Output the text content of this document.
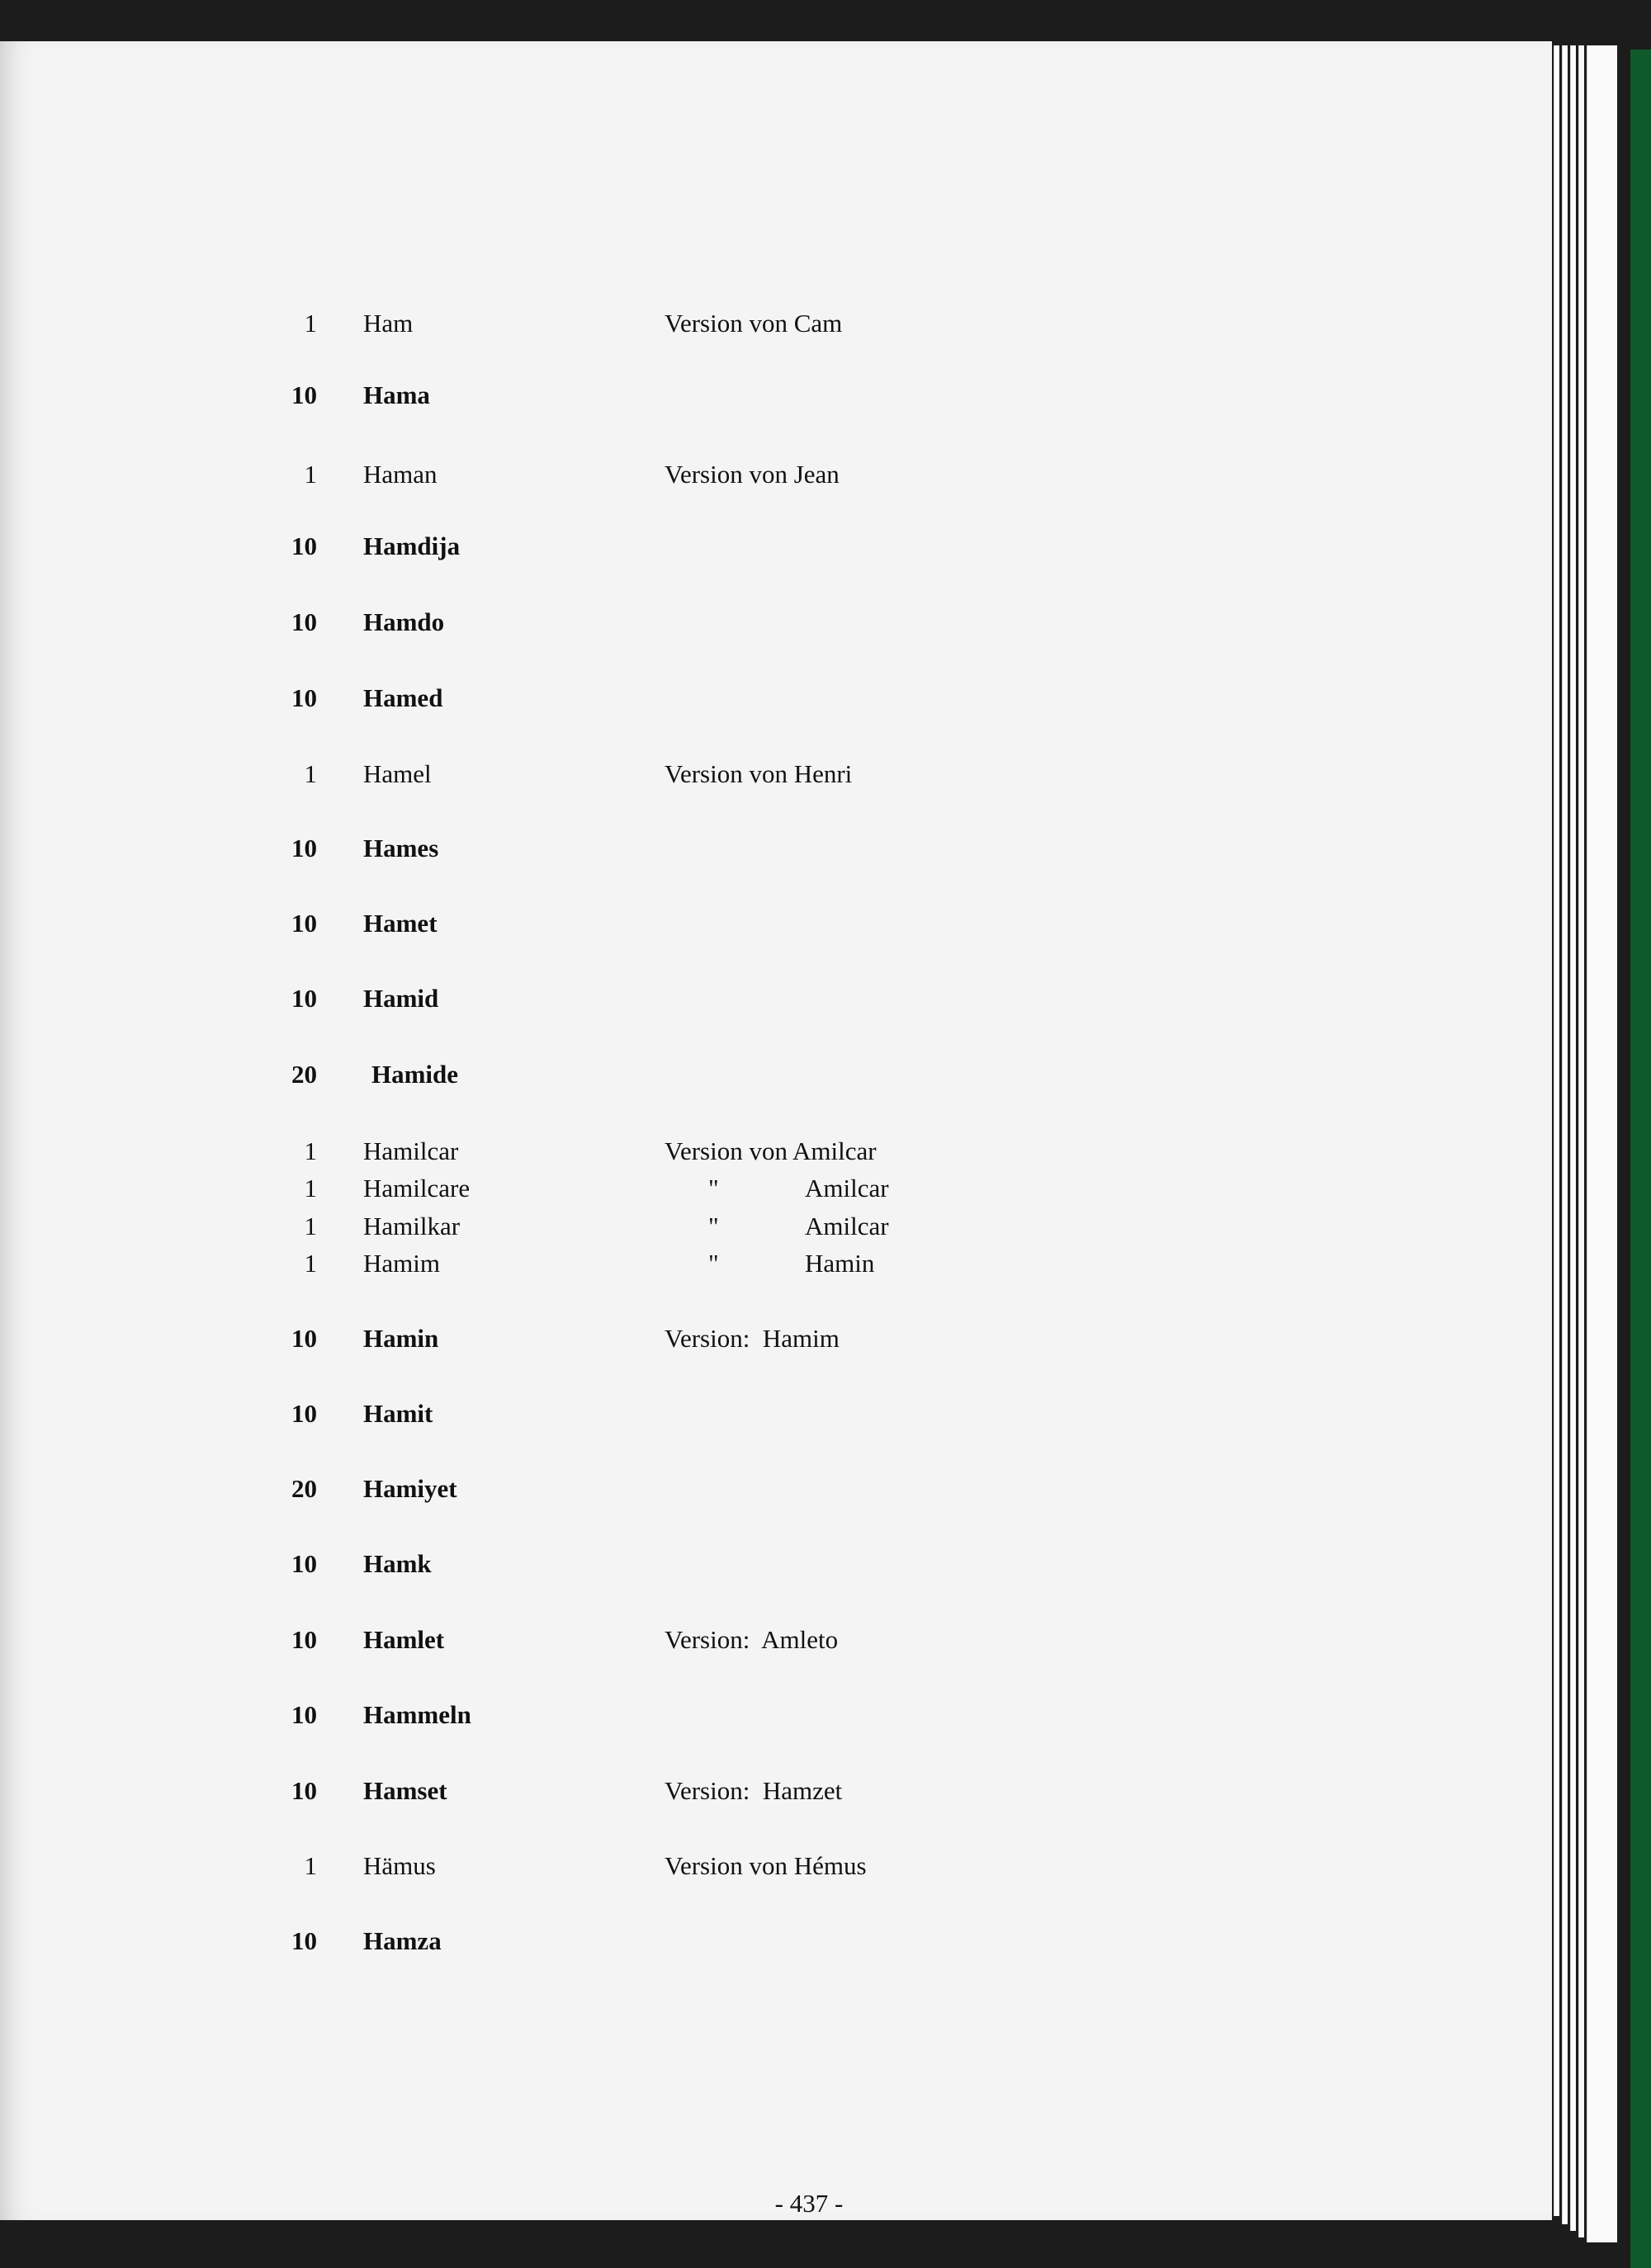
1 Ham	Version von Cam
10 Hama
1 Haman	Version von Jean
10 Hamdija
10 Hamdo
10 Hamed
1 Hamel	Version von Henri
10 Hames
10 Hamet
10 Hamid
20 Hamide
1 Hamilcar	Version von Amilcar
1 Hamilcare	"	Amilcar
1 Hamilkar	"	Amilcar
1 Hamim	"	Hamin
10 Hamin	Version:  Hamim
10 Hamit
20 Hamiyet
10 Hamk
10 Hamlet	Version:  Amleto
10 Hammeln
10 Hamset	Version:  Hamzet
1 Hämus	Version von Hémus
10 Hamza
- 437 -
